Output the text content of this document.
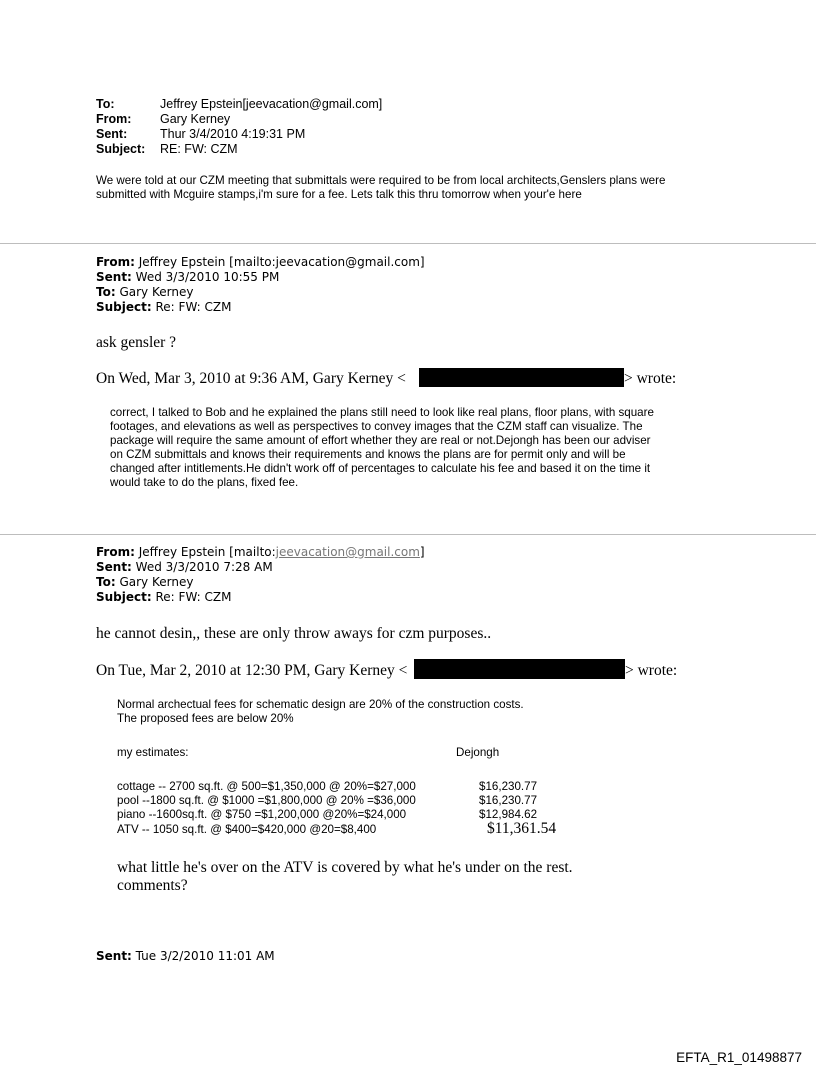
To:	Jeffrey Epstein[jeevacation@gmail.com]
From: Gary Kerney
Sent:	Thur 3/4/2010 4:19:31 PM
Subject: RE: FW: CZM
We were told at our CZM meeting that submittals were required to be from local architects,Genslers plans were
submitted with Mcguire stamps,i'm sure for a fee. Lets talk this thru tomorrow when your'e here
From: Jeffrey Epstein [mailto:jeevacation@gmail.com]
Sent: Wed 3/3/2010 10:55 PM
To: Gary Kerney
Subject: Re: FW: CZM
ask gensler ?
On Wed, Mar 3, 2010 at 9:36 AM, Gary Kerney <	> wrote:
correct, I talked to Bob and he explained the plans still need to look like real plans, floor plans, with square
footages, and elevations as well as perspectives to convey images that the CZM staff can visualize. The
package will require the same amount of effort whether they are real or not.Dejongh has been our adviser
on CZM submittals and knows their requirements and knows the plans are for permit only and will be
changed after intitlements.He didn't work off of percentages to calculate his fee and based it on the time it
would take to do the plans, fixed fee.
From: Jeffrey Epstein [mailto:jeevacation@gmail.com]
Sent: Wed 3/3/2010 7:28 AM
To: Gary Kerney
Subject: Re: FW: CZM
he cannot desin,, these are only throw aways for czm purposes..
On Tue, Mar 2, 2010 at 12:30 PM, Gary Kerney <	> wrote:
Normal archectual fees for schematic design are 20% of the construction costs.
The proposed fees are below 20%
my estimates:	Dejongh
cottage -- 2700 sq.ft. @ 500=$1,350,000 @ 20%=$27,000	$16,230.77
pool --1800 sq.ft. @ $1000 =$1,800,000 @ 20% =$36,000	$16,230.77
piano --1600sq.ft. @ $750 =$1,200,000 @20%=$24,000	$12,984.62
ATV -- 1050 sq.ft. @ $400=$420,000 @20=$8,400	$11,361.54
what little he's over on the ATV is covered by what he's under on the rest.
comments?
Sent: Tue 3/2/2010 11:01 AM
EFTA_R1_01498877
